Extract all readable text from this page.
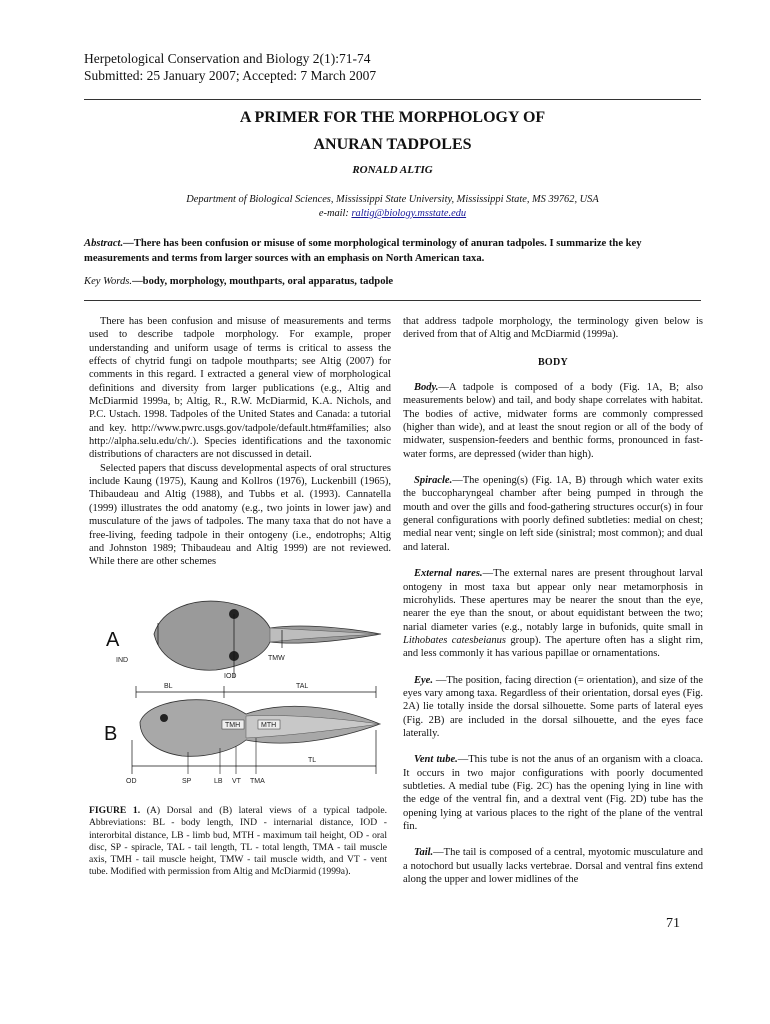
Herpetological Conservation and Biology 2(1):71-74
Submitted: 25 January 2007; Accepted: 7 March 2007
A PRIMER FOR THE MORPHOLOGY OF
ANURAN TADPOLES
RONALD ALTIG
Department of Biological Sciences, Mississippi State University, Mississippi State, MS 39762, USA
e-mail: raltig@biology.msstate.edu
Abstract.—There has been confusion or misuse of some morphological terminology of anuran tadpoles. I summarize the key measurements and terms from larger sources with an emphasis on North American taxa.
Key Words.—body, morphology, mouthparts, oral apparatus, tadpole

There has been confusion and misuse of measurements and terms used to describe tadpole morphology. For example, proper understanding and uniform usage of terms is critical to assess the effects of chytrid fungi on tadpole mouthparts; see Altig (2007) for comments in this regard. I extracted a general view of morphological definitions and diversity from larger publications (e.g., Altig and McDiarmid 1999a, b; Altig, R., R.W. McDiarmid, K.A. Nichols, and P.C. Ustach. 1998. Tadpoles of the United States and Canada: a tutorial and key. http://www.pwrc.usgs.gov/tadpole/default.htm#families; also http://alpha.selu.edu/ch/.). Species identifications and the taxonomic distributions of characters are not discussed in detail.

Selected papers that discuss developmental aspects of oral structures include Kaung (1975), Kaung and Kollros (1976), Luckenbill (1965), Thibaudeau and Altig (1988), and Tubbs et al. (1993). Cannatella (1999) illustrates the odd anatomy (e.g., two joints in lower jaw) and musculature of the jaws of tadpoles. The many taxa that do not have a free-living, feeding tadpole in their ontogeny (i.e., endotrophs; Altig and Johnston 1989; Thibaudeau and Altig 1999) are not reviewed. While there are other schemes

A
IND	TMW
IOD
BL	TAL
TMH	MTH
B
TL
OD	SP	LB VT TMA
FIGURE 1. (A) Dorsal and (B) lateral views of a typical tadpole. Abbreviations: BL - body length, IND - internarial distance, IOD - interorbital distance, LB - limb bud, MTH - maximum tail height, OD - oral disc, SP - spiracle, TAL - tail length, TL - total length, TMA - tail muscle axis, TMH - tail muscle height, TMW - tail muscle width, and VT - vent tube. Modified with permission from Altig and McDiarmid (1999a).
that address tadpole morphology, the terminology given below is derived from that of Altig and McDiarmid (1999a).
BODY

Body.—A tadpole is composed of a body (Fig. 1A, B; also measurements below) and tail, and body shape correlates with habitat. The bodies of active, midwater forms are commonly compressed (higher than wide), and at least the snout region or all of the body of midwater, suspension-feeders and benthic forms, pronounced in fast-water forms, are depressed (wider than high).

Spiracle.—The opening(s) (Fig. 1A, B) through which water exits the buccopharyngeal chamber after being pumped in through the mouth and over the gills and food-gathering structures occur(s) in four general configurations with poorly defined subtleties: medial on chest; medial near vent; single on left side (sinistral; most common); and dual and lateral.

External nares.—The external nares are present throughout larval ontogeny in most taxa but appear only near metamorphosis in microhylids. These apertures may be nearer the snout than the eye, nearer the eye than the snout, or about equidistant between the two; narial diameter varies (e.g., notably large in bufonids, quite small in Lithobates catesbeianus group). The aperture often has a slight rim, and less commonly it has various papillae or ornamentations.

Eye. —The position, facing direction (= orientation), and size of the eyes vary among taxa. Regardless of their orientation, dorsal eyes (Fig. 2A) lie totally inside the dorsal silhouette. Some parts of lateral eyes (Fig. 2B) are included in the dorsal silhouette, and the eyes face laterally.

Vent tube.—This tube is not the anus of an organism with a cloaca. It occurs in two major configurations with poorly documented subtleties. A medial tube (Fig. 2C) has the opening lying in line with the edge of the ventral fin, and a dextral vent (Fig. 2D) tube has the opening lying at various places to the right of the plane of the ventral fin.

Tail.—The tail is composed of a central, myotomic musculature and a notochord but usually lacks vertebrae. Dorsal and ventral fins extend along the upper and lower midlines of the

71
